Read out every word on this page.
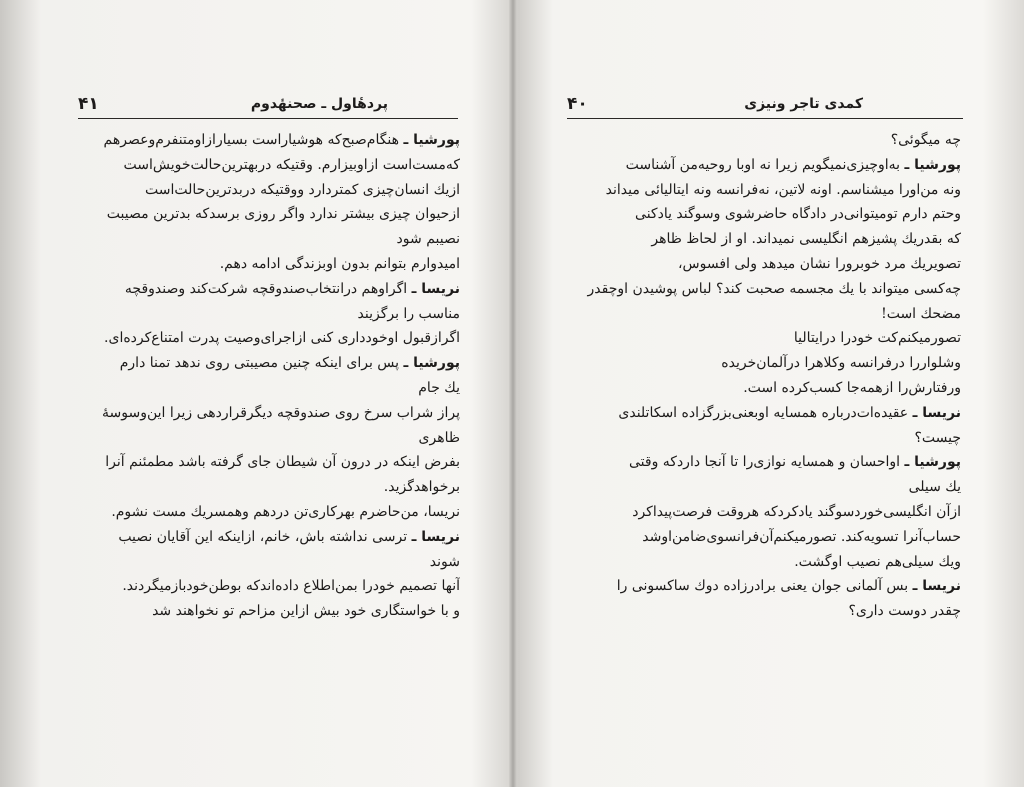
۴۱	پردهٔاول ـ صحنهٔدوم
پورشیا ـ هنگام‌صبح‌که هوشیاراست بسیارازاومتنفرم‌وعصرهم
که‌مست‌است ازاوبیزارم. وقتیکه دربهترین‌حالت‌خویش‌است
ازیك انسان‌چیزی کمتردارد ووقتیکه دربدترین‌حالت‌است
ازحیوان چیزی بیشتر ندارد واگر روزی برسدکه بدترین مصیبت
نصیبم شود
امیدوارم بتوانم بدون اوبزندگی ادامه دهم.
نریسا ـ اگراوهم درانتخاب‌صندوقچه شرکت‌کند وصندوقچه
مناسب را برگزیند
اگرازقبول اوخودداری کنی ازاجرای‌وصیت پدرت امتناع‌کرده‌ای.
پورشیا ـ پس برای اینکه چنین مصیبتی روی ندهد تمنا دارم
یك جام
پراز شراب سرخ روی صندوقچه دیگرقراردهی زیرا این‌وسوسهٔ
ظاهری
بفرض اینکه در درون آن شیطان جای گرفته باشد مطمئنم آنرا
برخواهدگزید.
نریسا، من‌حاضرم بهرکاری‌تن دردهم وهمسریك مست نشوم.
نریسا ـ ترسی نداشته باش، خانم، ازاینکه این آقایان نصیب
شوند
آنها تصمیم خودرا بمن‌اطلاع داده‌اندکه بوطن‌خودبازمیگردند.
و با خواستگاری خود بیش ازاین مزاحم تو نخواهند شد
۴۰	کمدی تاجر ونیزی
چه میگوئی؟
پورشیا ـ به‌اوچیزی‌نمیگویم زیرا نه اوبا روحیه‌من آشناست
ونه من‌اورا میشناسم. اونه لاتین، نه‌فرانسه ونه ایتالیائی میداند
وحتم دارم تومیتوانی‌در دادگاه حاضرشوی وسوگند یادکنی
که بقدریك پشیزهم انگلیسی نمیداند. او از لحاظ ظاهر
تصویریك مرد خوبرورا نشان میدهد ولی افسوس،
چه‌کسی میتواند با یك مجسمه صحبت کند؟ لباس پوشیدن اوچقدر
مضحك است!
تصورمیکنم‌کت خودرا درایتالیا
وشلواررا درفرانسه وکلاهرا درآلمان‌خریده
ورفتارش‌را ازهمه‌جا کسب‌کرده است.
نریسا ـ عقیده‌ات‌درباره همسایه اوبعنی‌بزرگزاده اسکاتلندی
چیست؟
پورشیا ـ اواحسان و همسایه نوازی‌را تا آنجا داردکه وقتی
یك سیلی
ازآن انگلیسی‌خوردسوگند یادکردکه هروقت فرصت‌پیداکرد
حساب‌آنرا تسویه‌کند. تصورمیکنم‌آن‌فرانسوی‌ضامن‌اوشد
ویك سیلی‌هم نصیب اوگشت.
نریسا ـ بس آلمانی جوان یعنی برادرزاده دوك ساکسونی را
چقدر دوست داری؟
